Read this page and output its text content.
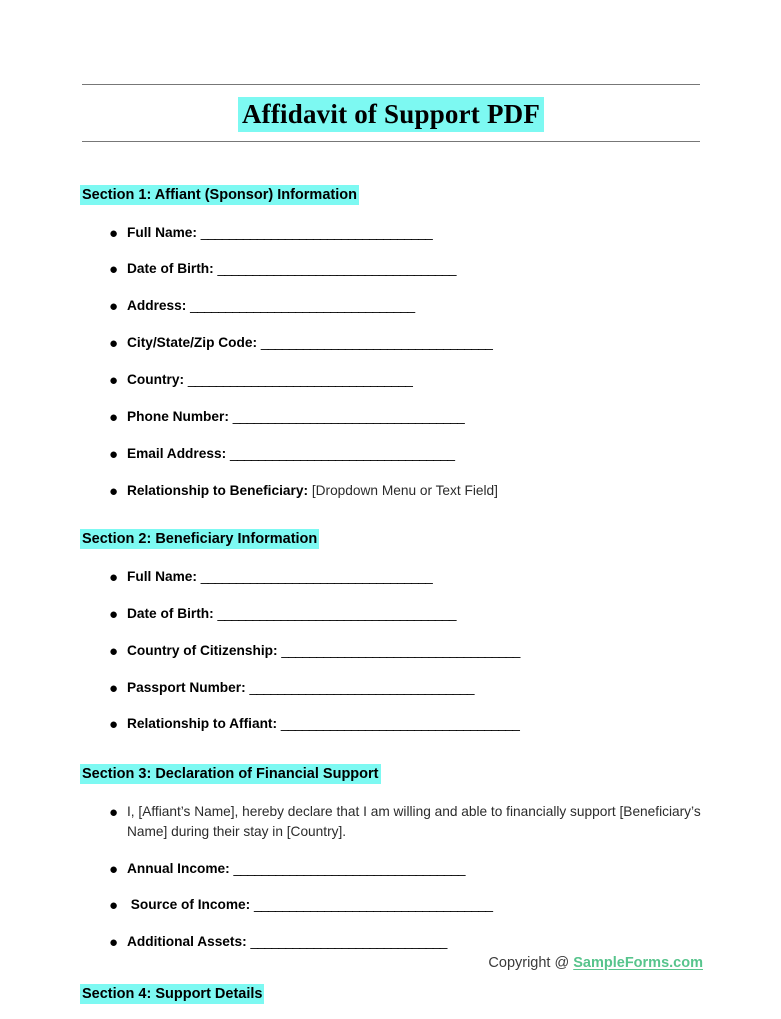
Affidavit of Support PDF
Section 1: Affiant (Sponsor) Information
● Full Name: _________________________________
● Date of Birth: __________________________________
● Address: ________________________________
● City/State/Zip Code: _________________________________
● Country: ________________________________
● Phone Number: _________________________________
● Email Address: ________________________________
● Relationship to Beneficiary: [Dropdown Menu or Text Field]
Section 2: Beneficiary Information
● Full Name: _________________________________
● Date of Birth: __________________________________
● Country of Citizenship: __________________________________
● Passport Number: ________________________________
● Relationship to Affiant: __________________________________
Section 3: Declaration of Financial Support
● I, [Affiant’s Name], hereby declare that I am willing and able to financially support [Beneficiary’s Name] during their stay in [Country].
● Annual Income: _________________________________
● Source of Income: __________________________________
● Additional Assets: ____________________________
Section 4: Support Details
Copyright @ SampleForms.com
